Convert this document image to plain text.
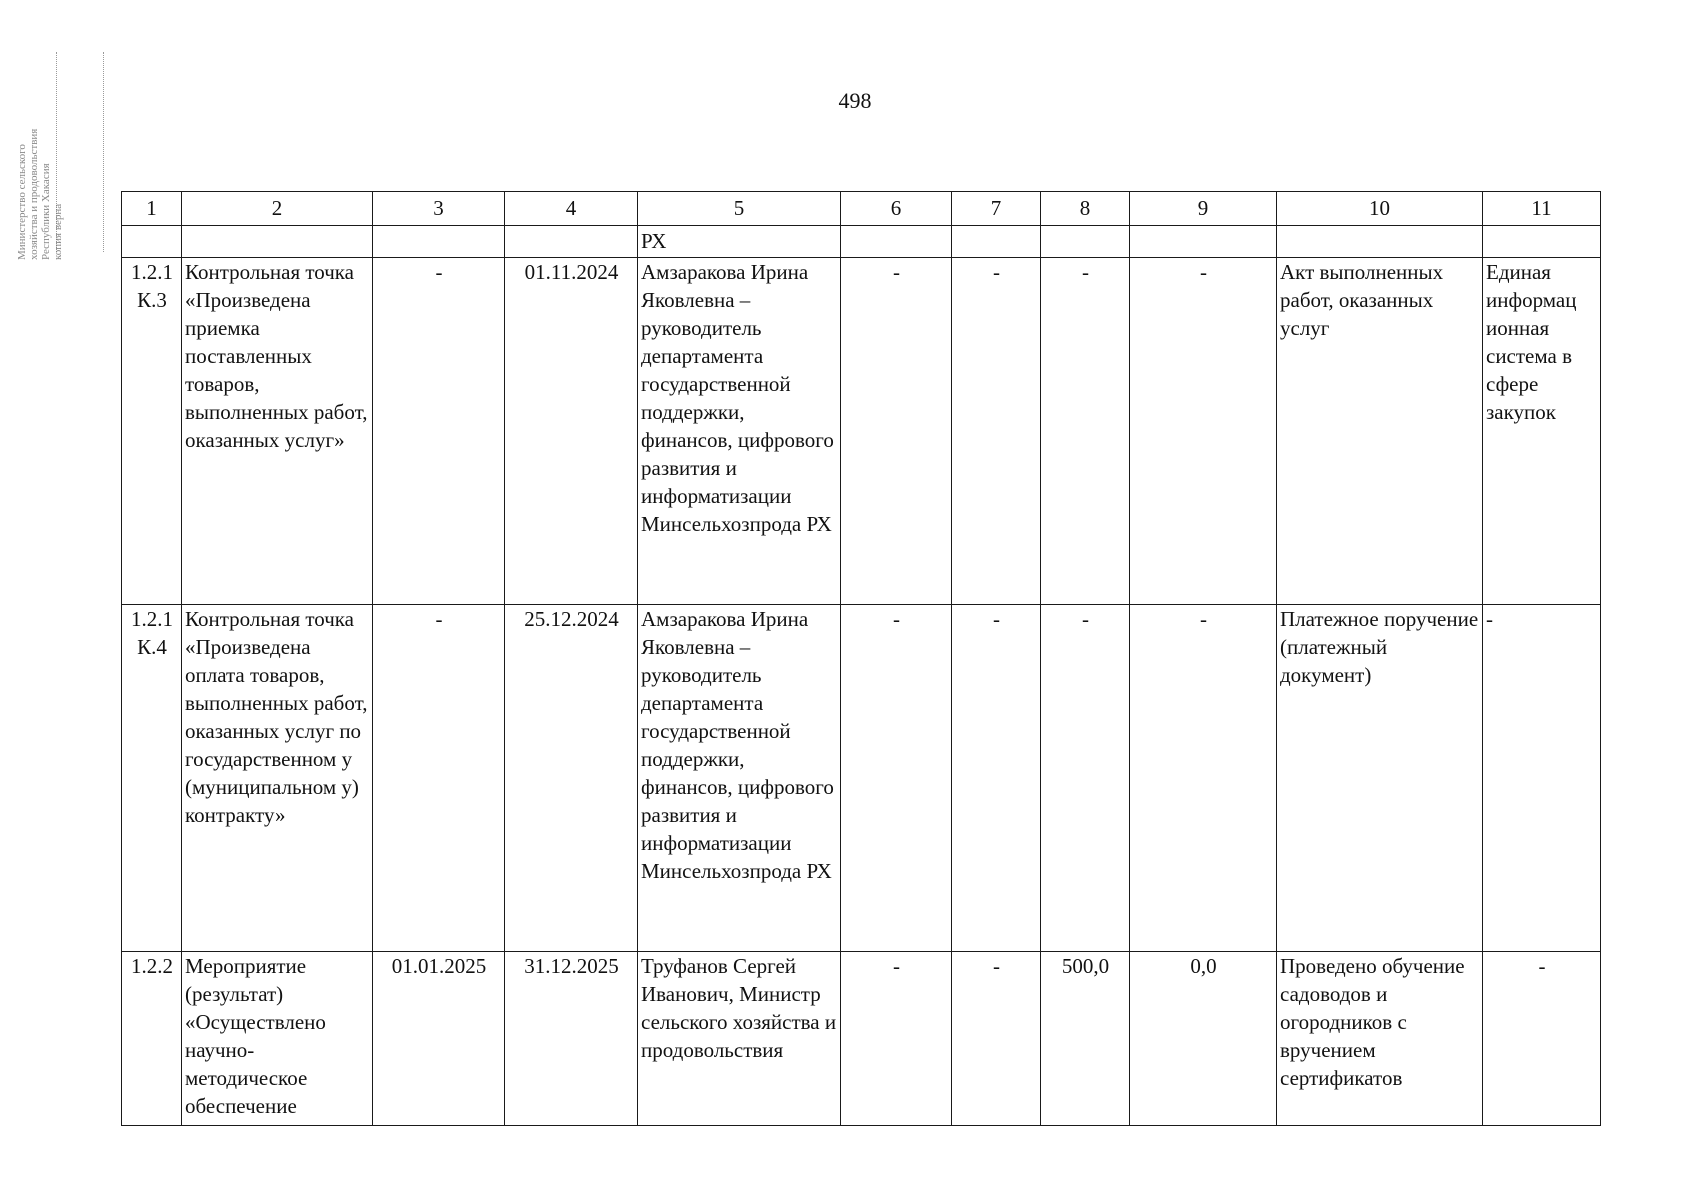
498
Министерство сельского хозяйства и продовольствия Республики Хакасия копия верна	1	2	3	4	5	6	7	8	9	10	11
				РХ						
1.2.1 К.3	Контрольная точка «Произведена приемка поставленных товаров, выполненных работ, оказанных услуг»	-	01.11.2024	Амзаракова Ирина Яковлевна – руководитель департамента государственной поддержки, финансов, цифрового развития и информатизации Минсельхозпрода РХ	-	-	-	-	Акт выполненных работ, оказанных услуг	Единая информац ионная система в сфере закупок
1.2.1 К.4	Контрольная точка «Произведена оплата товаров, выполненных работ, оказанных услуг по государственном у (муниципальном у) контракту»	-	25.12.2024	Амзаракова Ирина Яковлевна – руководитель департамента государственной поддержки, финансов, цифрового развития и информатизации Минсельхозпрода РХ	-	-	-	-	Платежное поручение (платежный документ)	-
1.2.2	Мероприятие (результат) «Осуществлено научно- методическое обеспечение	01.01.2025	31.12.2025	Труфанов Сергей Иванович, Министр сельского хозяйства и продовольствия	-	-	500,0	0,0	Проведено обучение садоводов и огородников с вручением сертификатов	-
